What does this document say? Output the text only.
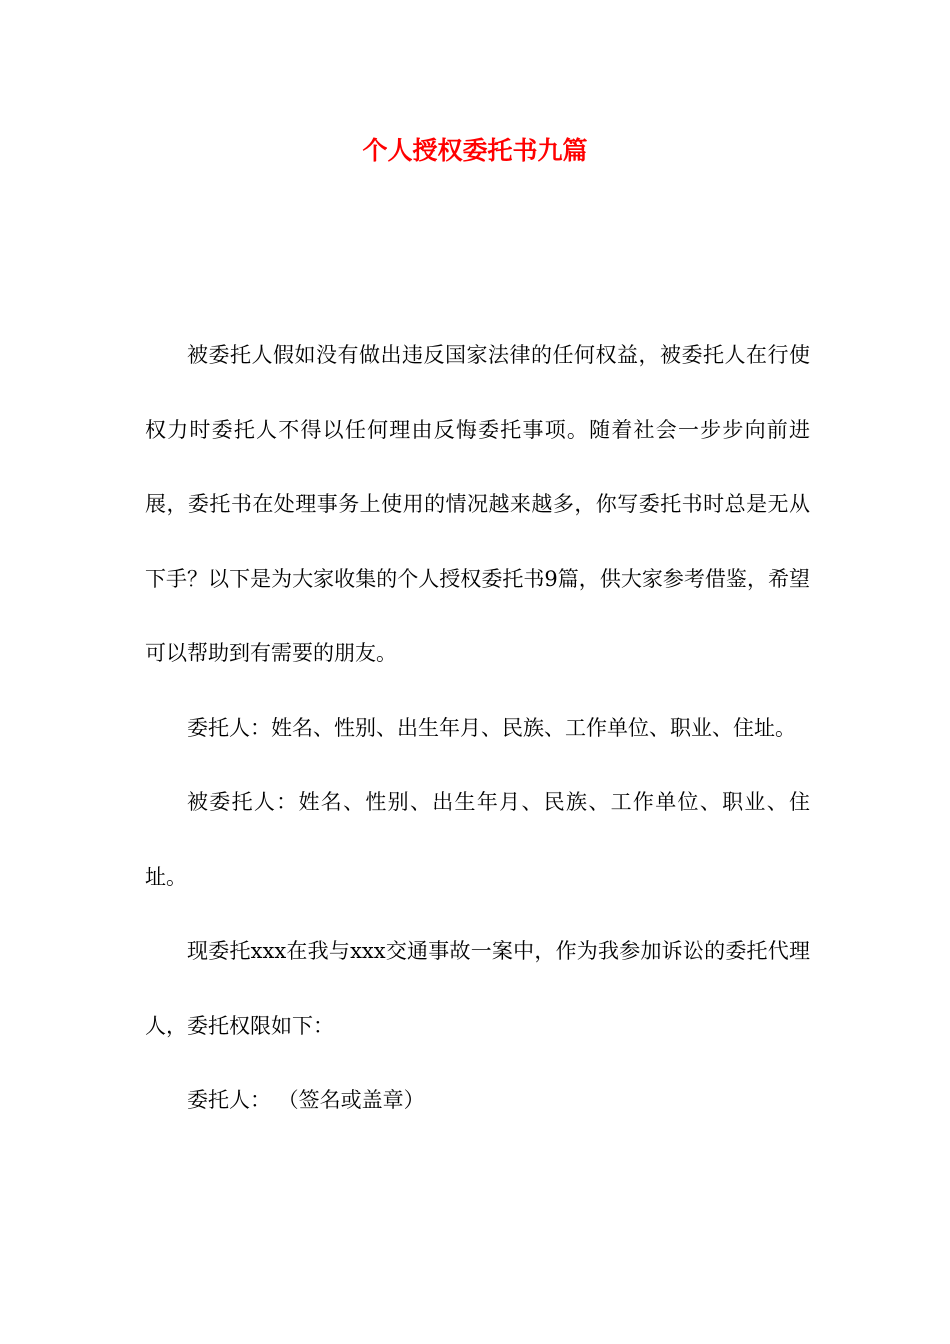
个人授权委托书九篇

被委托人假如没有做出违反国家法律的任何权益，被委托人在行使权力时委托人不得以任何理由反悔委托事项。随着社会一步步向前进展，委托书在处理事务上使用的情况越来越多，你写委托书时总是无从下手？以下是为大家收集的个人授权委托书9篇，供大家参考借鉴，希望可以帮助到有需要的朋友。

委托人：姓名、性别、出生年月、民族、工作单位、职业、住址。

被委托人：姓名、性别、出生年月、民族、工作单位、职业、住址。

现委托xxx在我与xxx交通事故一案中，作为我参加诉讼的委托代理人，委托权限如下：

委托人： （签名或盖章）
